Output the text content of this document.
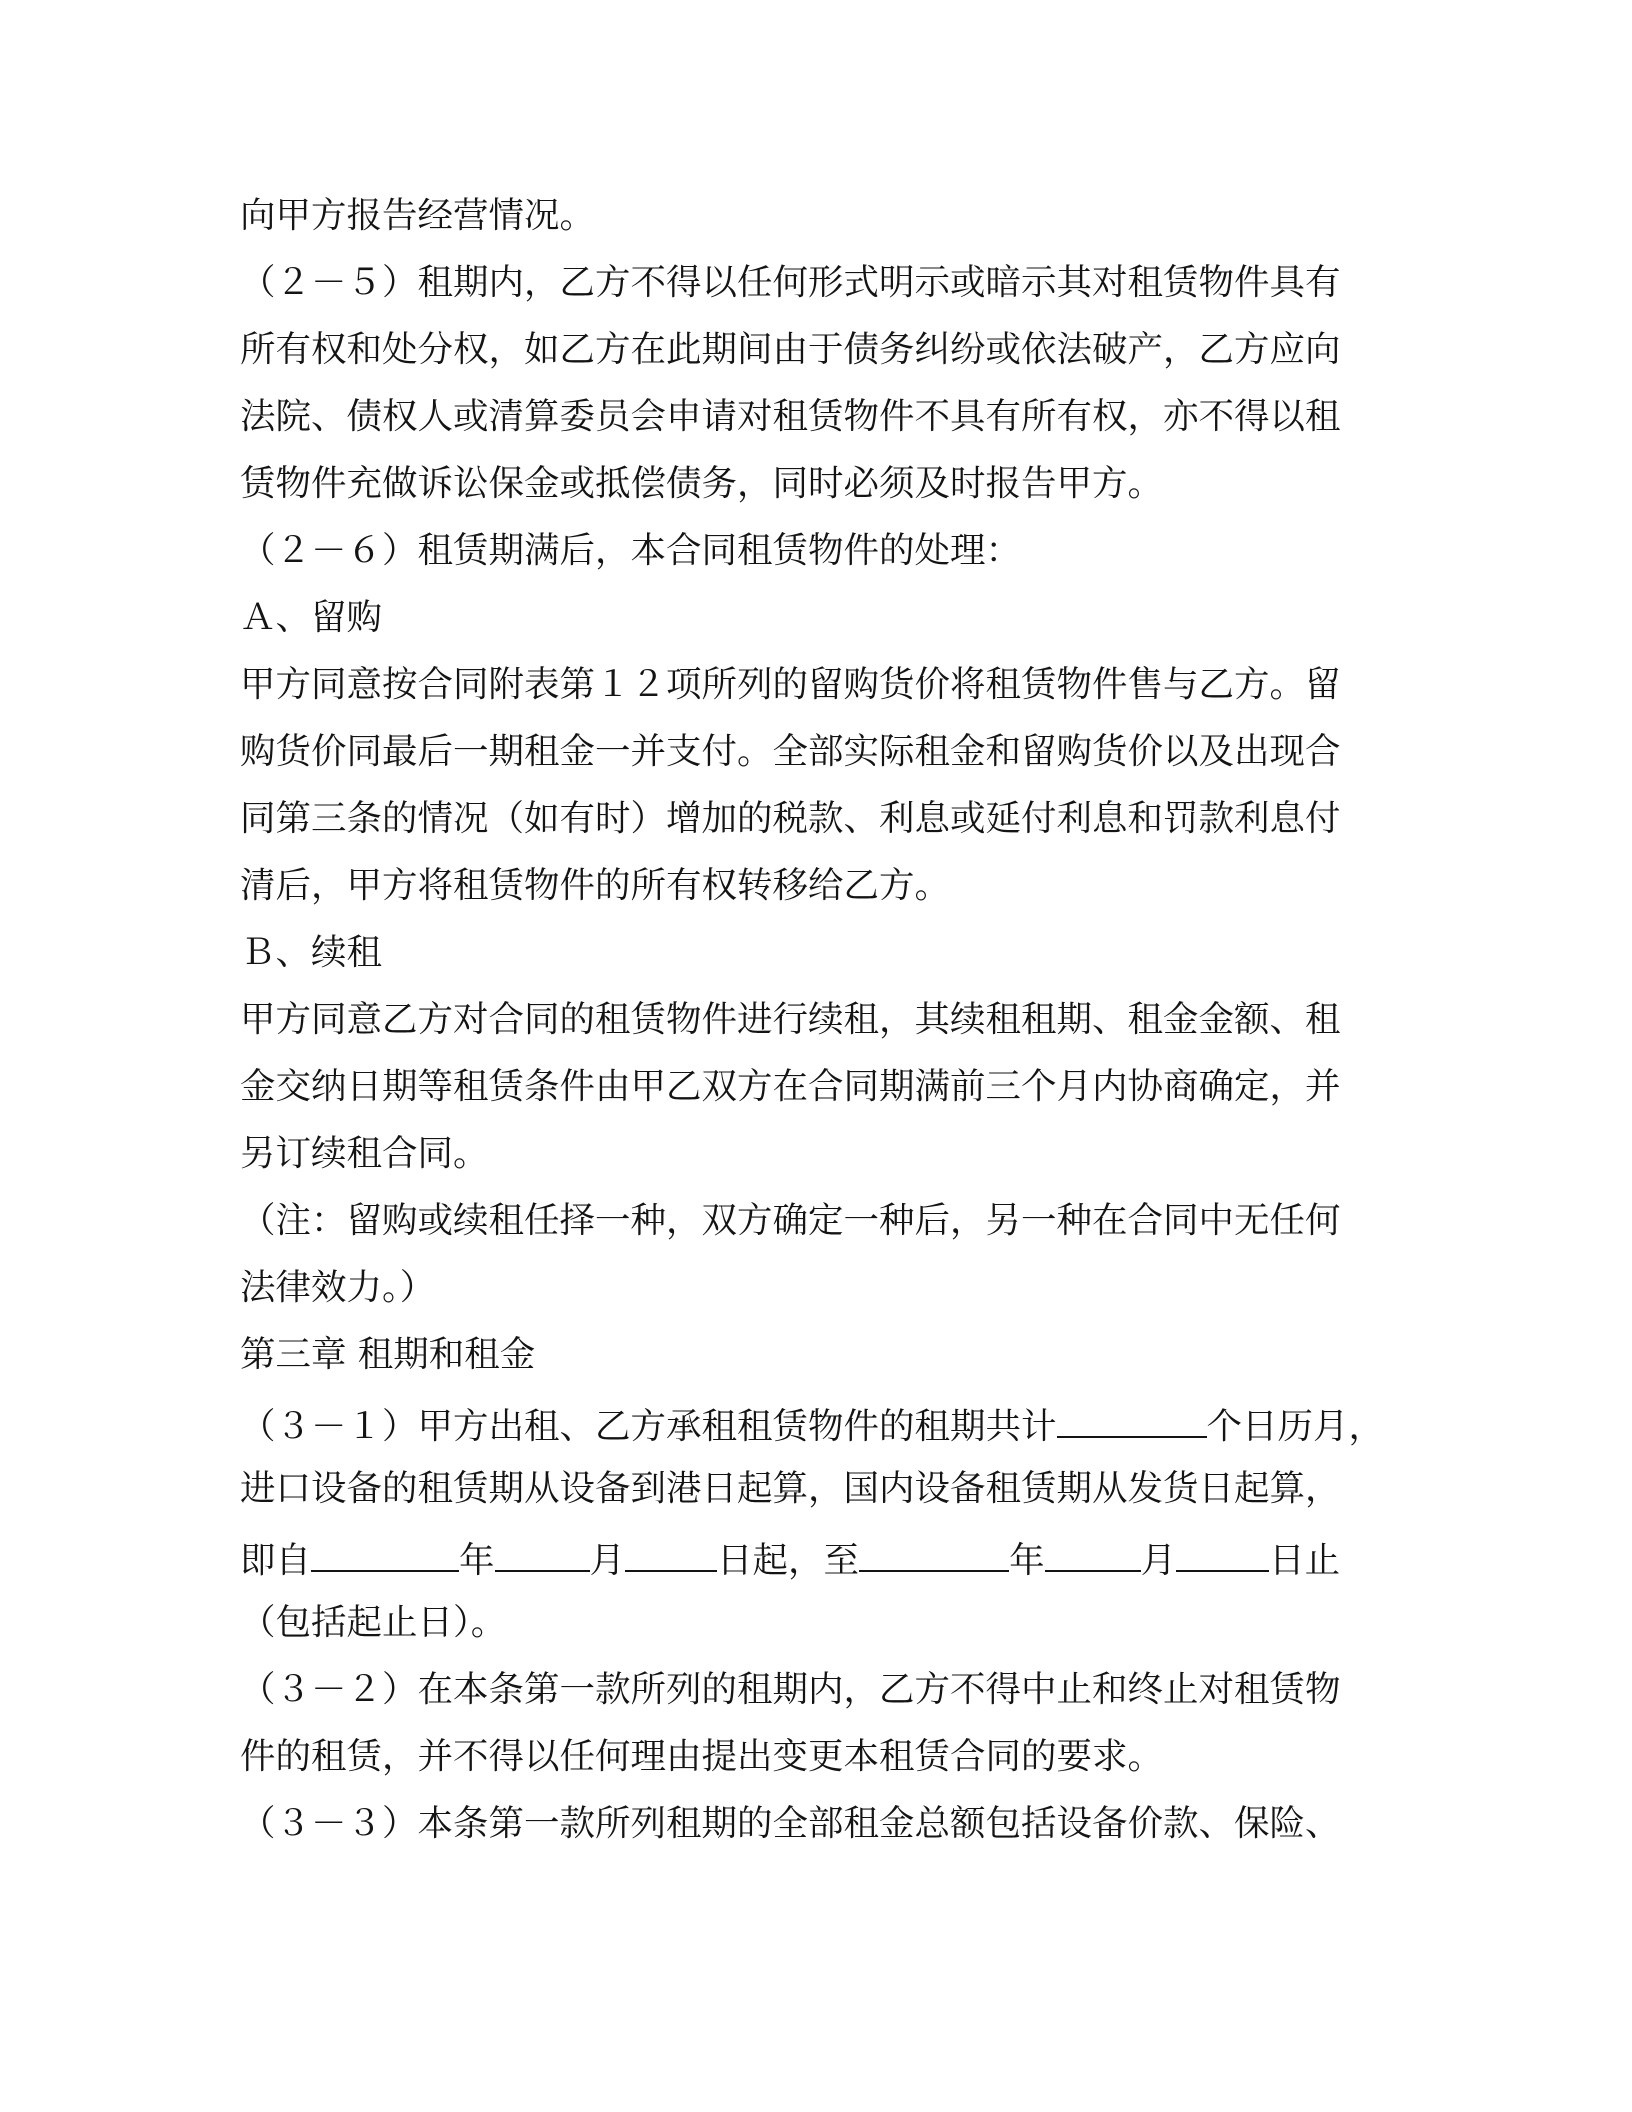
向甲方报告经营情况。
（２－５）租期内，乙方不得以任何形式明示或暗示其对租赁物件具有
所有权和处分权，如乙方在此期间由于债务纠纷或依法破产，乙方应向
法院、债权人或清算委员会申请对租赁物件不具有所有权，亦不得以租
赁物件充做诉讼保金或抵偿债务，同时必须及时报告甲方。
（２－６）租赁期满后，本合同租赁物件的处理：
Ａ、留购
甲方同意按合同附表第１２项所列的留购货价将租赁物件售与乙方。留
购货价同最后一期租金一并支付。全部实际租金和留购货价以及出现合
同第三条的情况（如有时）增加的税款、利息或延付利息和罚款利息付
清后，甲方将租赁物件的所有权转移给乙方。
Ｂ、续租
甲方同意乙方对合同的租赁物件进行续租，其续租租期、租金金额、租
金交纳日期等租赁条件由甲乙双方在合同期满前三个月内协商确定，并
另订续租合同。
（注：留购或续租任择一种，双方确定一种后，另一种在合同中无任何
法律效力。）
第三章 租期和租金
（３－１）甲方出租、乙方承租租赁物件的租期共计	个日历月，
进口设备的租赁期从设备到港日起算，国内设备租赁期从发货日起算，
即自	年	月	日起，至	年	月	日止
（包括起止日）。
（３－２）在本条第一款所列的租期内，乙方不得中止和终止对租赁物
件的租赁，并不得以任何理由提出变更本租赁合同的要求。
（３－３）本条第一款所列租期的全部租金总额包括设备价款、保险、
